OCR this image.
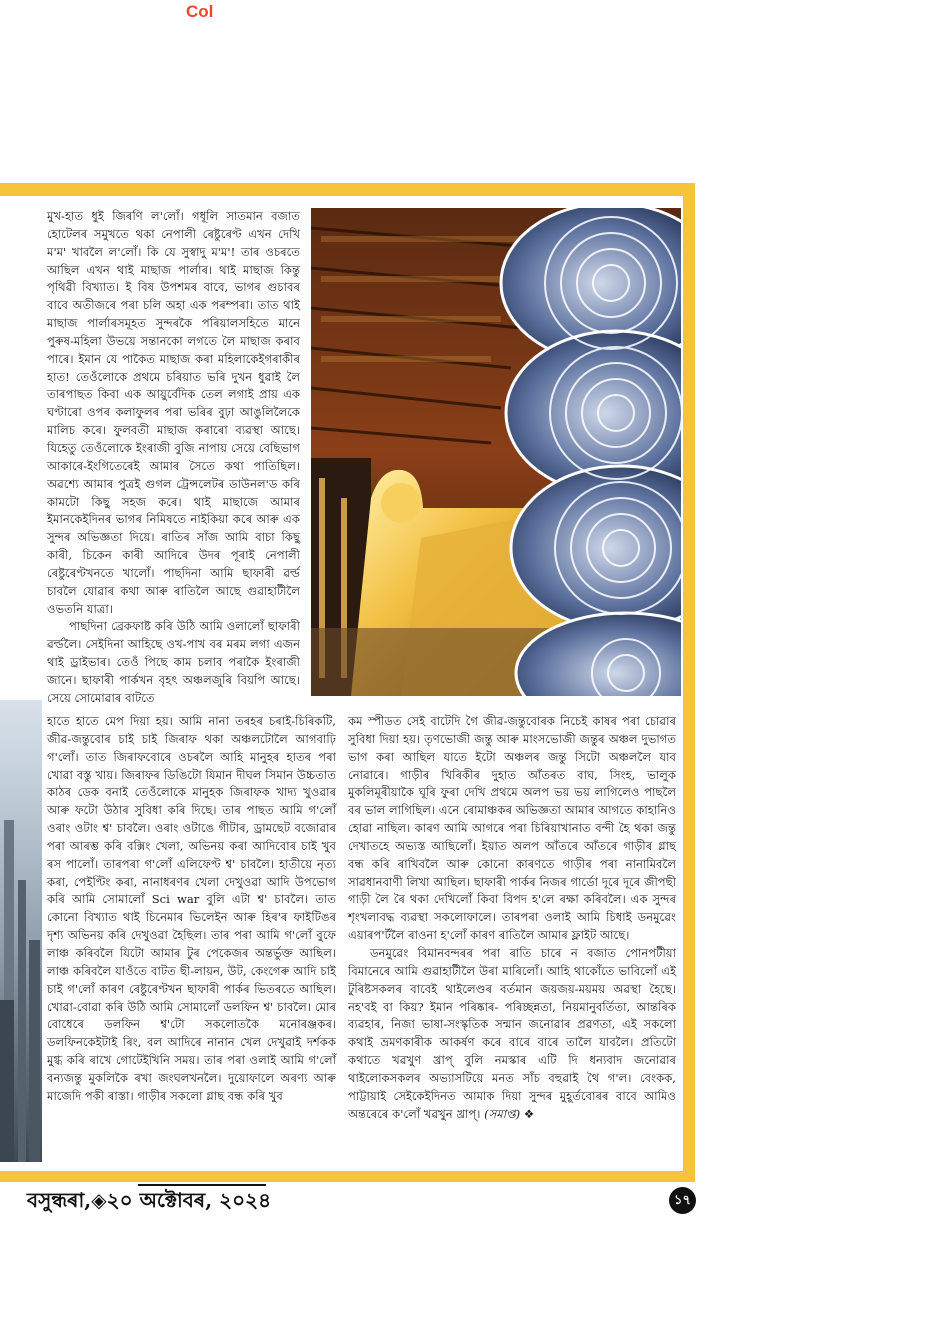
Col

মুখ-হাত ধুই জিৰণি ল'লোঁ। গধূলি সাতমান বজাত হোটেলৰ সমুখতে থকা নেপালী ৰেষ্টুৰেণ্ট এখন দেখি ম'ম' খাবলৈ ল'লোঁ। কি যে সুস্বাদু ম'ম'! তাৰ ওচৰতে আছিল এখন থাই মাছাজ পাৰ্লাৰ। থাই মাছাজ কিন্তু পৃথিৱী বিখ্যাত। ই বিষ উপশমৰ বাবে, ভাগৰ গুচাবৰ বাবে অতীজৰে পৰা চলি অহা এক পৰম্পৰা। তাত থাই মাছাজ পাৰ্লাৰসমূহত সুন্দৰকৈ পৰিয়ালসহিতে মানে পুৰুষ-মহিলা উভয়ে সন্তানকো লগতে লৈ মাছাজ কৰাব পাৰে। ইমান যে পাকৈত মাছাজ কৰা মহিলাকেইগৰাকীৰ হাত! তেওঁলোকে প্ৰথমে চৰিয়াত ভৰি দুখন ধুৱাই লৈ তাৰপাছত কিবা এক আয়ুৰ্বেদিক তেল লগাই প্ৰায় এক ঘণ্টাৰো ওপৰ কলাফুলৰ পৰা ভৰিৰ বুঢ়া আঙুলিলৈকে মালিচ কৰে। ফুলবতী মাছাজ কৰাৰো ব্যৱস্থা আছে। যিহেতু তেওঁলোকে ইংৰাজী বুজি নাপায় সেয়ে বেছিভাগ আকাৰে-ইংগিতেৰেই আমাৰ সৈতে কথা পাতিছিল। অৱশ্যে আমাৰ পুত্ৰই গুগল ট্ৰেন্সলেটৰ ডাউনল'ড কৰি কামটো কিছু সহজ কৰে। থাই মাছাজে আমাৰ ইমানকেইদিনৰ ভাগৰ নিমিষতে নাইকিয়া কৰে আৰু এক সুন্দৰ অভিজ্ঞতা দিয়ে। ৰাতিৰ সাঁজ আমি বাচা কিছু কাৰী, চিকেন কাৰী আদিৰে উদৰ পূৰাই নেপালী ৰেষ্টুৰেণ্টখনতে খালোঁ। পাছদিনা আমি ছাফাৰী ৱৰ্ল্ড চাবলৈ যোৱাৰ কথা আৰু ৰাতিলৈ আছে গুৱাহাটীলৈ ওভতনি যাত্ৰা।

পাছদিনা ব্ৰেকফাষ্ট কৰি উঠি আমি ওলালোঁ ছাফাৰী ৱৰ্ল্ডলৈ। সেইদিনা আহিছে ওখ-পাখ বৰ মৰম লগা এজন থাই ড্ৰাইভাৰ। তেওঁ পিছে কাম চলাব পৰাকৈ ইংৰাজী জানে। ছাফাৰী পাৰ্কখন বৃহৎ অঞ্চলজুৰি বিয়পি আছে। সেয়ে সোমোৱাৰ বাটতে

হাতে হাতে মেপ দিয়া হয়। আমি নানা তৰহৰ চৰাই-চিৰিকটি, জীৱ-জন্তুবোৰ চাই চাই জিৰাফ থকা অঞ্চলটোলৈ আগবাঢ়ি গ'লোঁ। তাত জিৰাফবোৰে ওচৰলৈ আহি মানুহৰ হাতৰ পৰা খোৱা বস্তু খায়। জিৰাফৰ ডিঙিটো যিমান দীঘল সিমান উচ্চতাত কাঠৰ ডেক বনাই তেওঁলোকে মানুহক জিৰাফক খাদ্য খুওৱাৰ আৰু ফটো উঠাৰ সুবিধা কৰি দিছে। তাৰ পাছত আমি গ'লোঁ ওৰাং ওটাং শ্ব' চাবলৈ। ওৰাং ওটাঙে গীটাৰ, ড্ৰামছেট বজোৱাৰ পৰা আৰম্ভ কৰি বক্সিং খেলা, অভিনয় কৰা আদিবোৰ চাই খুব ৰস পালোঁ। তাৰপৰা গ'লোঁ এলিফেণ্ট শ্ব' চাবলৈ। হাতীয়ে নৃত্য কৰা, পেইণ্টিং কৰা, নানাধৰণৰ খেলা দেখুওৱা আদি উপভোগ কৰি আমি সোমালোঁ Sci war বুলি এটা শ্ব' চাবলৈ। তাত কোনো বিখ্যাত থাই চিনেমাৰ ভিলেইন আৰু হিৰ'ৰ ফাইটিঙৰ দৃশ্য অভিনয় কৰি দেখুওৱা হৈছিল। তাৰ পৰা আমি গ'লোঁ বুফে লাঞ্চ কৰিবলৈ যিটো আমাৰ টুৰ পেকেজৰ অন্তৰ্ভুক্ত আছিল। লাঞ্চ কৰিবলৈ যাওঁতে বাটত ছী-লায়ন, উট, কেংগেৰু আদি চাই চাই গ'লোঁ কাৰণ ৰেষ্টুৰেণ্টখন ছাফাৰী পাৰ্কৰ ভিতৰতে আছিল। খোৱা-বোৱা কৰি উঠি আমি সোমালোঁ ডলফিন শ্ব' চাবলৈ। মোৰ বোধেৰে ডলফিন শ্ব'টো সকলোতকৈ মনোৰঞ্জকৰ। ডলফিনকেইটাই ৰিং, বল আদিৰে নানান খেল দেখুৱাই দৰ্শকক মুগ্ধ কৰি ৰাখে গোটেইখিনি সময়। তাৰ পৰা ওলাই আমি গ'লোঁ বন্যজন্তু মুকলিকৈ ৰখা জংঘলখনলৈ। দুয়োফালে অৰণ্য আৰু মাজেদি পকী ৰাস্তা। গাড়ীৰ সকলো গ্লাছ বন্ধ কৰি খুব

কম স্পীডত সেই বাটেদি গৈ জীৱ-জন্তুবোৰক নিচেই কাষৰ পৰা চোৱাৰ সুবিধা দিয়া হয়। তৃণভোজী জন্তু আৰু মাংসভোজী জন্তুৰ অঞ্চল দুভাগত ভাগ কৰা আছিল যাতে ইটো অঞ্চলৰ জন্তু সিটো অঞ্চললৈ যাব নোৱাৰে। গাড়ীৰ খিৰিকীৰ দুহাত আঁতৰত বাঘ, সিংহ, ভালুক মুকলিমূৰীয়াকৈ ঘূৰি ফুৰা দেখি প্ৰথমে অলপ ভয় ভয় লাগিলেও পাছলৈ বৰ ভাল লাগিছিল। এনে ৰোমাঞ্চকৰ অভিজ্ঞতা আমাৰ আগতে কাহানিও হোৱা নাছিল। কাৰণ আমি আগৰে পৰা চিৰিয়াখানাত বন্দী হৈ থকা জন্তু দেখাতহে অভ্যস্ত আছিলোঁ। ইয়াত অলপ আঁতৰে আঁতৰে গাড়ীৰ গ্লাছ বন্ধ কৰি ৰাখিবলৈ আৰু কোনো কাৰণতে গাড়ীৰ পৰা নানামিবলৈ সাৱধানবাণী লিখা আছিল। ছাফাৰী পাৰ্কৰ নিজৰ গাৰ্ডো দূৰে দূৰে জীপছী গাড়ী লৈ ৰৈ থকা দেখিলোঁ কিবা বিপদ হ'লে ৰক্ষা কৰিবলৈ। এক সুন্দৰ শৃংখলাবদ্ধ ব্যৱস্থা সকলোফালে। তাৰপৰা ওলাই আমি চিধাই ডনমুৱেং এয়াৰপ'ৰ্টলৈ ৰাওনা হ'লোঁ কাৰণ ৰাতিলৈ আমাৰ ফ্লাইট আছে।

ডনমুৱেং বিমানবন্দৰৰ পৰা ৰাতি চাৰে ন বজাত পোনপটীয়া বিমানেৰে আমি গুৱাহাটীলৈ উৰা মাৰিলোঁ। আহি থাকোঁতে ভাবিলোঁ এই টুৰিষ্টসকলৰ বাবেই থাইলেণ্ডৰ বৰ্তমান জয়জয়-ময়ময় অৱস্থা হৈছে। নহ'বই বা কিয়? ইমান পৰিষ্কাৰ- পৰিচ্ছন্নতা, নিয়মানুবৰ্তিতা, আন্তৰিক ব্যৱহাৰ, নিজা ভাষা-সংস্কৃতিক সন্মান জনোৱাৰ প্ৰৱণতা, এই সকলো কথাই ভ্ৰমণকাৰীক আকৰ্ষণ কৰে বাৰে বাৰে তালৈ যাবলৈ। প্ৰতিটো কথাতে খৱখুণ খ্ৰাপ্ বুলি নমস্কাৰ এটি দি ধন্যবাদ জনোৱাৰ থাইলোকসকলৰ অভ্যাসটিয়ে মনত সাঁচ বহুৱাই থৈ গ'ল। বেংকক, পাট্টায়াই সেইকেইদিনত আমাক দিয়া সুন্দৰ মুহূৰ্তবোৰৰ বাবে আমিও অন্তৰেৰে ক'লোঁ খৱখুন খ্ৰাপ্। (সমাপ্ত) ❖

বসুন্ধৰা,◈২০ অক্টোবৰ, ২০২৪	১৭
